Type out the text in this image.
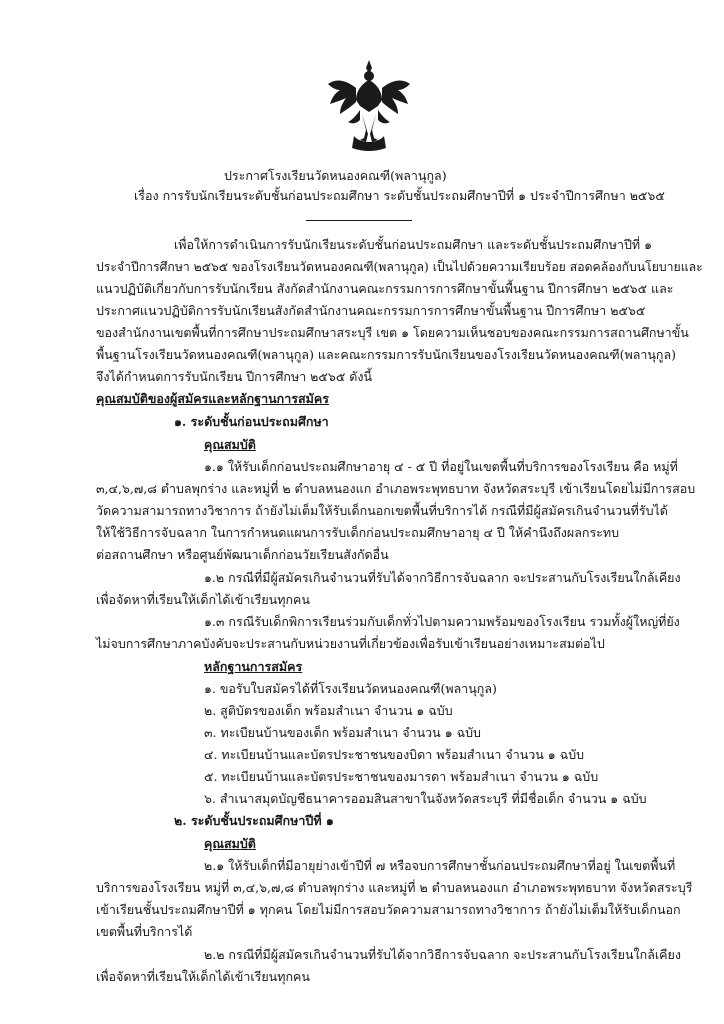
ประกาศโรงเรียนวัดหนองคณฑี(พลานุกูล)
เรื่อง การรับนักเรียนระดับชั้นก่อนประถมศึกษา ระดับชั้นประถมศึกษาปีที่ ๑ ประจำปีการศึกษา ๒๕๖๕
เพื่อให้การดำเนินการรับนักเรียนระดับชั้นก่อนประถมศึกษา และระดับชั้นประถมศึกษาปีที่ ๑
ประจำปีการศึกษา ๒๕๖๕ ของโรงเรียนวัดหนองคณฑี(พลานุกูล) เป็นไปด้วยความเรียบร้อย สอดคล้องกับนโยบายและ
แนวปฏิบัติเกี่ยวกับการรับนักเรียน สังกัดสำนักงานคณะกรรมการการศึกษาขั้นพื้นฐาน ปีการศึกษา ๒๕๖๕ และ
ประกาศแนวปฏิบัติการรับนักเรียนสังกัดสำนักงานคณะกรรมการการศึกษาขั้นพื้นฐาน ปีการศึกษา ๒๕๖๕
ของสำนักงานเขตพื้นที่การศึกษาประถมศึกษาสระบุรี เขต ๑ โดยความเห็นชอบของคณะกรรมการสถานศึกษาขั้น
พื้นฐานโรงเรียนวัดหนองคณฑี(พลานุกูล) และคณะกรรมการรับนักเรียนของโรงเรียนวัดหนองคณฑี(พลานุกูล)
จึงได้กำหนดการรับนักเรียน ปีการศึกษา ๒๕๖๕ ดังนี้
คุณสมบัติของผู้สมัครและหลักฐานการสมัคร
๑. ระดับชั้นก่อนประถมศึกษา
คุณสมบัติ
๑.๑ ให้รับเด็กก่อนประถมศึกษาอายุ ๔ - ๕ ปี ที่อยู่ในเขตพื้นที่บริการของโรงเรียน คือ หมู่ที่
๓,๔,๖,๗,๘ ตำบลพุกร่าง และหมู่ที่ ๒ ตำบลหนองแก อำเภอพระพุทธบาท จังหวัดสระบุรี เข้าเรียนโดยไม่มีการสอบ
วัดความสามารถทางวิชาการ ถ้ายังไม่เต็มให้รับเด็กนอกเขตพื้นที่บริการได้ กรณีที่มีผู้สมัครเกินจำนวนที่รับได้
ให้ใช้วิธีการจับฉลาก ในการกำหนดแผนการรับเด็กก่อนประถมศึกษาอายุ ๔ ปี ให้คำนึงถึงผลกระทบ
ต่อสถานศึกษา หรือศูนย์พัฒนาเด็กก่อนวัยเรียนสังกัดอื่น
๑.๒ กรณีที่มีผู้สมัครเกินจำนวนที่รับได้จากวิธีการจับฉลาก จะประสานกับโรงเรียนใกล้เคียง
เพื่อจัดหาที่เรียนให้เด็กได้เข้าเรียนทุกคน
๑.๓ กรณีรับเด็กพิการเรียนร่วมกับเด็กทั่วไปตามความพร้อมของโรงเรียน รวมทั้งผู้ใหญ่ที่ยัง
ไม่จบการศึกษาภาคบังคับจะประสานกับหน่วยงานที่เกี่ยวข้องเพื่อรับเข้าเรียนอย่างเหมาะสมต่อไป
หลักฐานการสมัคร
๑. ขอรับใบสมัครได้ที่โรงเรียนวัดหนองคณฑี(พลานุกูล)
๒. สูติบัตรของเด็ก พร้อมสำเนา จำนวน ๑ ฉบับ
๓. ทะเบียนบ้านของเด็ก พร้อมสำเนา จำนวน ๑ ฉบับ
๔. ทะเบียนบ้านและบัตรประชาชนของบิดา พร้อมสำเนา จำนวน ๑ ฉบับ
๕. ทะเบียนบ้านและบัตรประชาชนของมารดา พร้อมสำเนา จำนวน ๑ ฉบับ
๖. สำเนาสมุดบัญชีธนาคารออมสินสาขาในจังหวัดสระบุรี ที่มีชื่อเด็ก จำนวน ๑ ฉบับ
๒. ระดับชั้นประถมศึกษาปีที่ ๑
คุณสมบัติ
๒.๑ ให้รับเด็กที่มีอายุย่างเข้าปีที่ ๗ หรือจบการศึกษาชั้นก่อนประถมศึกษาที่อยู่ ในเขตพื้นที่
บริการของโรงเรียน หมู่ที่ ๓,๔,๖,๗,๘ ตำบลพุกร่าง และหมู่ที่ ๒ ตำบลหนองแก อำเภอพระพุทธบาท จังหวัดสระบุรี
เข้าเรียนชั้นประถมศึกษาปีที่ ๑ ทุกคน โดยไม่มีการสอบวัดความสามารถทางวิชาการ ถ้ายังไม่เต็มให้รับเด็กนอก
เขตพื้นที่บริการได้
๒.๒ กรณีที่มีผู้สมัครเกินจำนวนที่รับได้จากวิธีการจับฉลาก จะประสานกับโรงเรียนใกล้เคียง
เพื่อจัดหาที่เรียนให้เด็กได้เข้าเรียนทุกคน
